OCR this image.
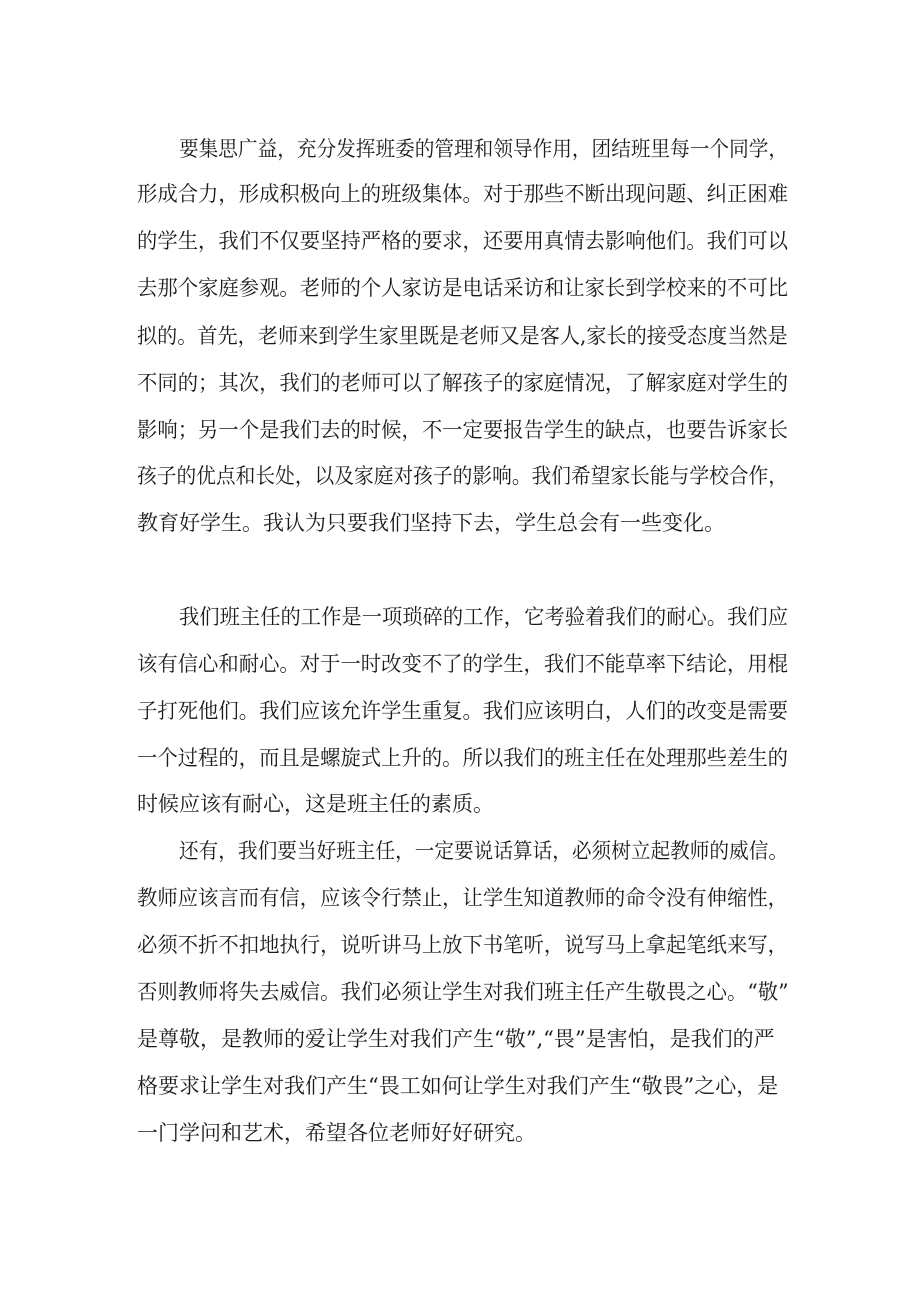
要集思广益，充分发挥班委的管理和领导作用，团结班里每一个同学，
形成合力，形成积极向上的班级集体。对于那些不断出现问题、纠正困难
的学生，我们不仅要坚持严格的要求，还要用真情去影响他们。我们可以
去那个家庭参观。老师的个人家访是电话采访和让家长到学校来的不可比
拟的。首先，老师来到学生家里既是老师又是客人,家长的接受态度当然是
不同的；其次，我们的老师可以了解孩子的家庭情况，了解家庭对学生的
影响；另一个是我们去的时候，不一定要报告学生的缺点，也要告诉家长
孩子的优点和长处，以及家庭对孩子的影响。我们希望家长能与学校合作，
教育好学生。我认为只要我们坚持下去，学生总会有一些变化。
我们班主任的工作是一项琐碎的工作，它考验着我们的耐心。我们应
该有信心和耐心。对于一时改变不了的学生，我们不能草率下结论，用棍
子打死他们。我们应该允许学生重复。我们应该明白，人们的改变是需要
一个过程的，而且是螺旋式上升的。所以我们的班主任在处理那些差生的
时候应该有耐心，这是班主任的素质。
还有，我们要当好班主任，一定要说话算话，必须树立起教师的威信。
教师应该言而有信，应该令行禁止，让学生知道教师的命令没有伸缩性，
必须不折不扣地执行，说听讲马上放下书笔听，说写马上拿起笔纸来写，
否则教师将失去威信。我们必须让学生对我们班主任产生敬畏之心。“敬”
是尊敬，是教师的爱让学生对我们产生“敬”,“畏”是害怕，是我们的严
格要求让学生对我们产生“畏工如何让学生对我们产生“敬畏”之心，是
一门学问和艺术，希望各位老师好好研究。
